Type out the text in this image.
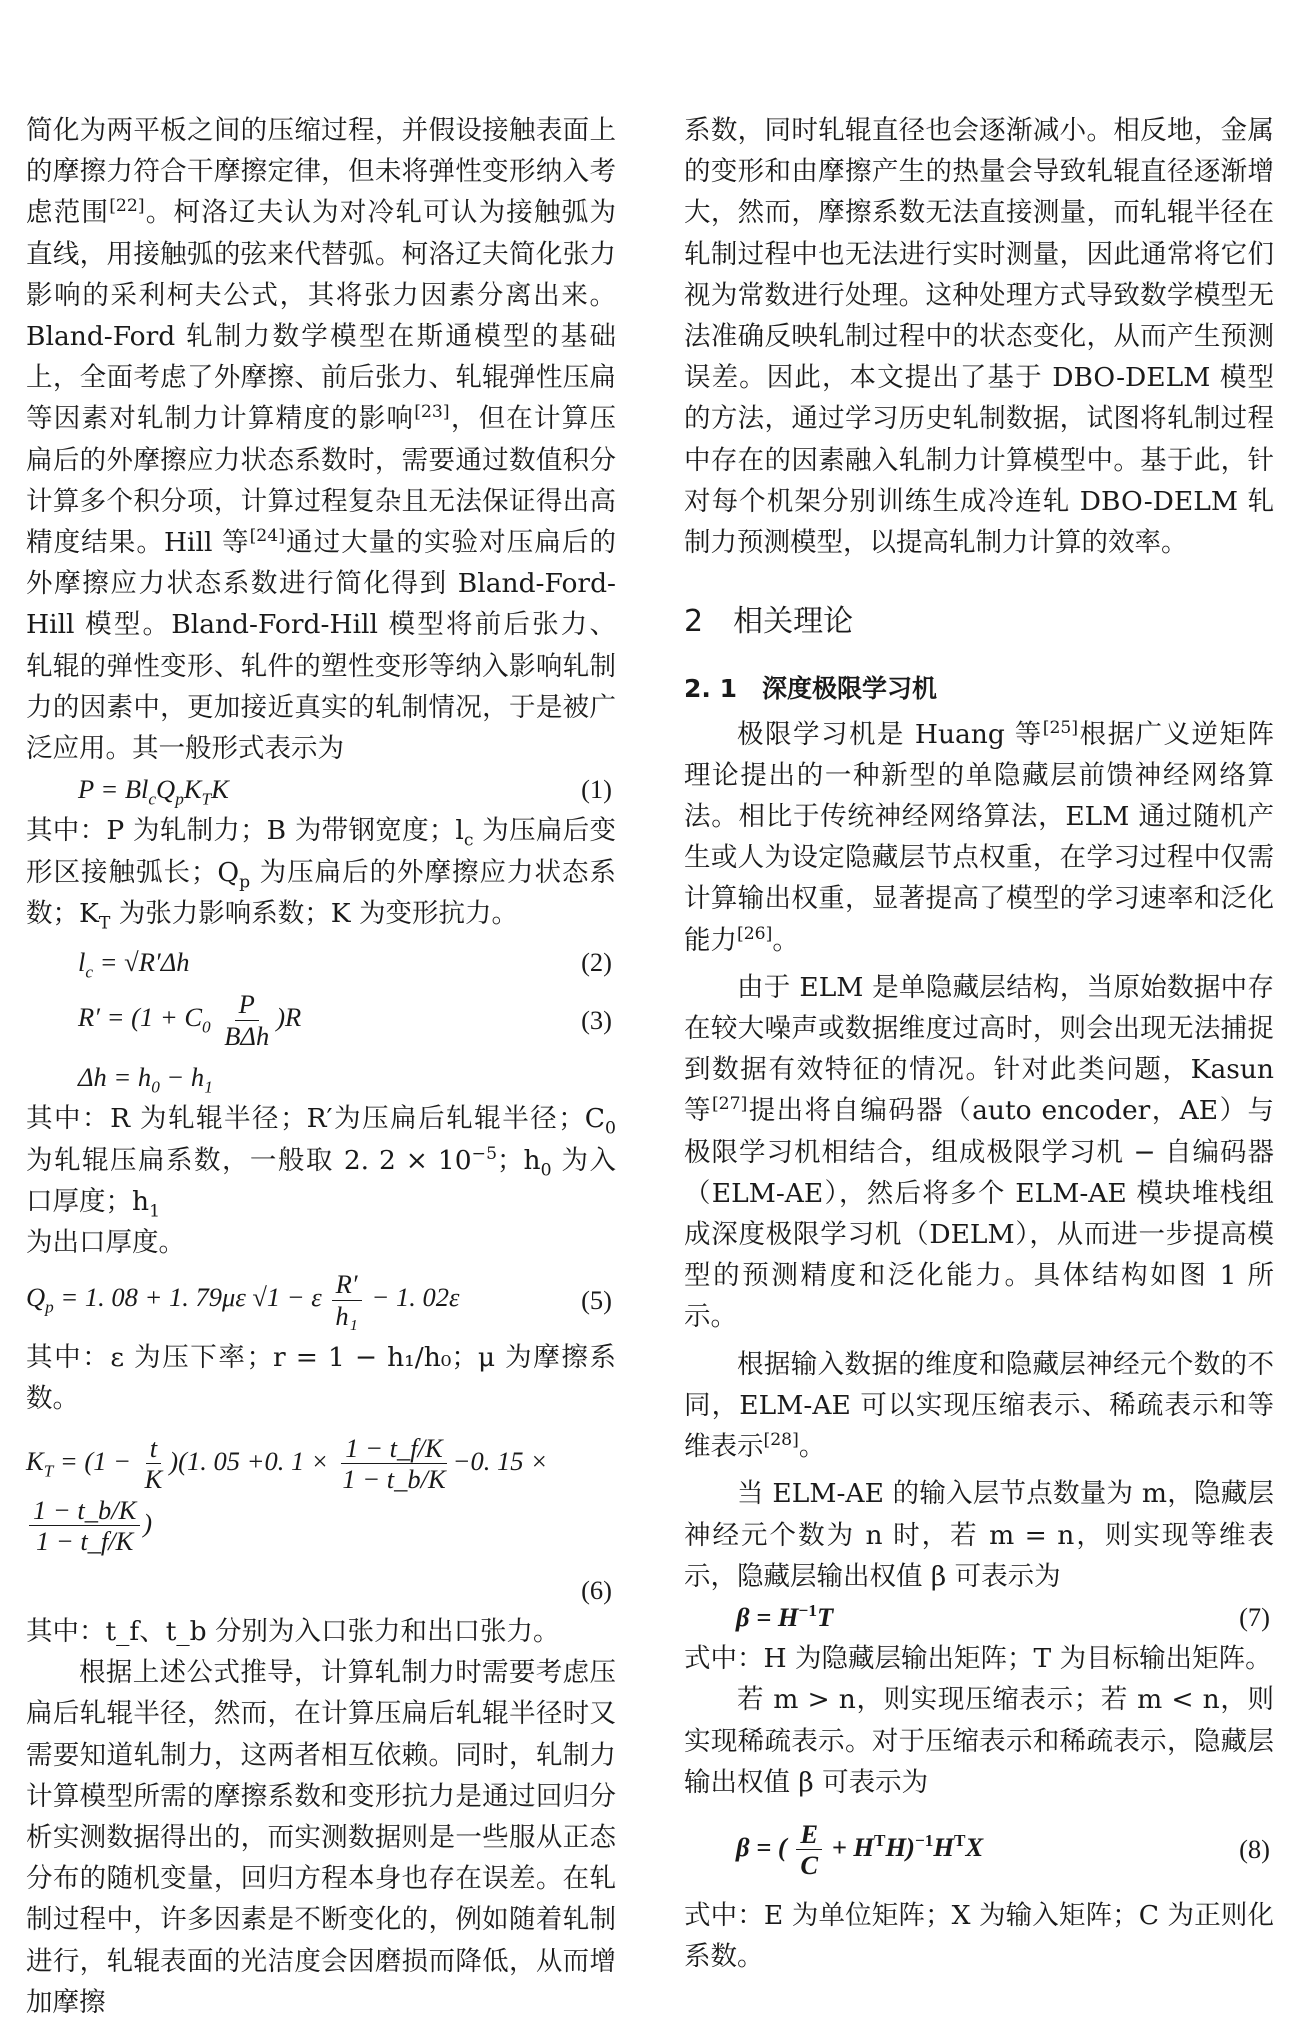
简化为两平板之间的压缩过程，并假设接触表面上的摩擦力符合干摩擦定律，但未将弹性变形纳入考虑范围[22]。柯洛辽夫认为对冷轧可认为接触弧为直线，用接触弧的弦来代替弧。柯洛辽夫简化张力影响的采利柯夫公式，其将张力因素分离出来。Bland-Ford 轧制力数学模型在斯通模型的基础上，全面考虑了外摩擦、前后张力、轧辊弹性压扁等因素对轧制力计算精度的影响[23]，但在计算压扁后的外摩擦应力状态系数时，需要通过数值积分计算多个积分项，计算过程复杂且无法保证得出高精度结果。Hill 等[24]通过大量的实验对压扁后的外摩擦应力状态系数进行简化得到 Bland-Ford-Hill 模型。Bland-Ford-Hill 模型将前后张力、轧辊的弹性变形、轧件的塑性变形等纳入影响轧制力的因素中，更加接近真实的轧制情况，于是被广泛应用。其一般形式表示为

$P = Bl_cQ_pK_TK$	(1)

其中：P 为轧制力；B 为带钢宽度；$l_c$ 为压扁后变形区接触弧长；$Q_p$ 为压扁后的外摩擦应力状态系数；$K_T$ 为张力影响系数；K 为变形抗力。

$l_c = √R'\Delta h$	(2)
$R' = (1 + C_0 \frac{P}{\text{BΔh}} )R$	(3)
$\Delta h = h_0 - h_1$

其中：R 为轧辊半径；R′为压扁后轧辊半径；$C_0$ 为轧辊压扁系数，一般取 2. $2 \times 10^{-5}$；$h_0$ 为入口厚度；$h_1$
为出口厚度。

$Q_p = 1$. 08 + 1. 79με √1 − ε $\frac{R'}{\text{h₁}} - 1$. 02ε	(5)

其中：ε 为压下率；r = 1 − h₁/h₀；μ 为摩擦系数。

$K_T = (1 - \frac{t}{K} )(1$. 05 +0. $1 \times \frac{1 - t\_f/K}{1 - t\_b/K} -0$. 15 ×
$\frac{1 - t\_b/K}{1 - t\_f/K}$ )
(6)

其中：t_f、t_b 分别为入口张力和出口张力。

根据上述公式推导，计算轧制力时需要考虑压扁后轧辊半径，然而，在计算压扁后轧辊半径时又需要知道轧制力，这两者相互依赖。同时，轧制力计算模型所需的摩擦系数和变形抗力是通过回归分析实测数据得出的，而实测数据则是一些服从正态分布的随机变量，回归方程本身也存在误差。在轧制过程中，许多因素是不断变化的，例如随着轧制进行，轧辊表面的光洁度会因磨损而降低，从而增加摩擦

系数，同时轧辊直径也会逐渐减小。相反地，金属的变形和由摩擦产生的热量会导致轧辊直径逐渐增大，然而，摩擦系数无法直接测量，而轧辊半径在轧制过程中也无法进行实时测量，因此通常将它们视为常数进行处理。这种处理方式导致数学模型无法准确反映轧制过程中的状态变化，从而产生预测误差。因此，本文提出了基于 DBO-DELM 模型的方法，通过学习历史轧制数据，试图将轧制过程中存在的因素融入轧制力计算模型中。基于此，针对每个机架分别训练生成冷连轧 DBO-DELM 轧制力预测模型，以提高轧制力计算的效率。

2　相关理论
2. 1　深度极限学习机

极限学习机是 Huang 等[25]根据广义逆矩阵理论提出的一种新型的单隐藏层前馈神经网络算法。相比于传统神经网络算法，ELM 通过随机产生或人为设定隐藏层节点权重，在学习过程中仅需计算输出权重，显著提高了模型的学习速率和泛化能力[26]。

由于 ELM 是单隐藏层结构，当原始数据中存在较大噪声或数据维度过高时，则会出现无法捕捉到数据有效特征的情况。针对此类问题，Kasun 等[27]提出将自编码器（auto encoder，AE）与极限学习机相结合，组成极限学习机 − 自编码器（ELM-AE），然后将多个 ELM-AE 模块堆栈组成深度极限学习机（DELM），从而进一步提高模型的预测精度和泛化能力。具体结构如图 1 所示。

根据输入数据的维度和隐藏层神经元个数的不同，ELM-AE 可以实现压缩表示、稀疏表示和等维表示[28]。

当 ELM-AE 的输入层节点数量为 m，隐藏层神经元个数为 n 时，若 m = n，则实现等维表示，隐藏层输出权值 β 可表示为

$\beta = H^{-1}T$	(7)

式中：H 为隐藏层输出矩阵；T 为目标输出矩阵。

若 m > n，则实现压缩表示；若 m < n，则实现稀疏表示。对于压缩表示和稀疏表示，隐藏层输出权值 β 可表示为

β = ( $\frac{E}{C} + H^TH)^{-1}H^TX$	(8)

式中：E 为单位矩阵；X 为输入矩阵；C 为正则化系数。
